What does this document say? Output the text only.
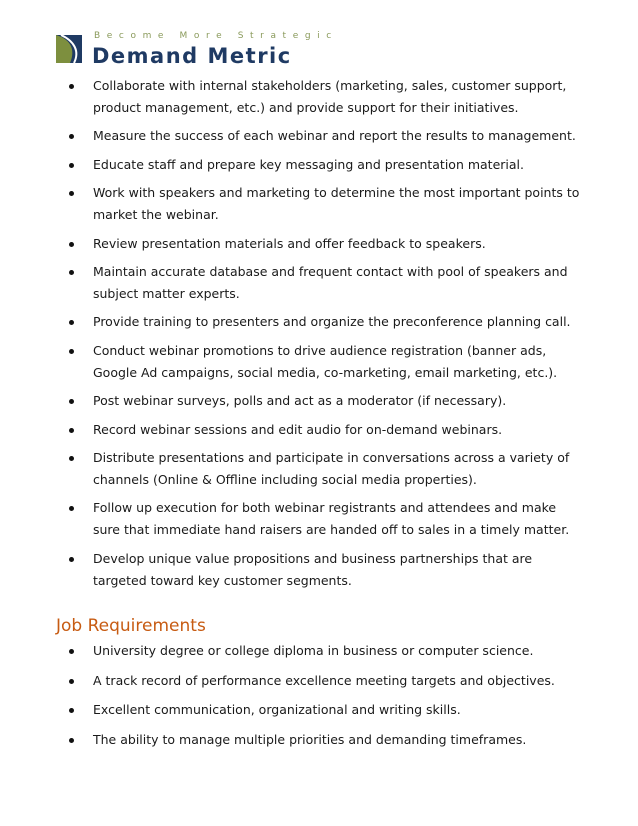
Become More Strategic

Demand Metric

Collaborate with internal stakeholders (marketing, sales, customer support, product management, etc.) and provide support for their initiatives.
Measure the success of each webinar and report the results to management.
Educate staff and prepare key messaging and presentation material.
Work with speakers and marketing to determine the most important points to market the webinar.
Review presentation materials and offer feedback to speakers.
Maintain accurate database and frequent contact with pool of speakers and subject matter experts.
Provide training to presenters and organize the preconference planning call.
Conduct webinar promotions to drive audience registration (banner ads, Google Ad campaigns, social media, co-marketing, email marketing, etc.).
Post webinar surveys, polls and act as a moderator (if necessary).
Record webinar sessions and edit audio for on-demand webinars.
Distribute presentations and participate in conversations across a variety of channels (Online & Offline including social media properties).
Follow up execution for both webinar registrants and attendees and make sure that immediate hand raisers are handed off to sales in a timely matter.
Develop unique value propositions and business partnerships that are targeted toward key customer segments.
Job Requirements
University degree or college diploma in business or computer science.
A track record of performance excellence meeting targets and objectives.
Excellent communication, organizational and writing skills.
The ability to manage multiple priorities and demanding timeframes.
